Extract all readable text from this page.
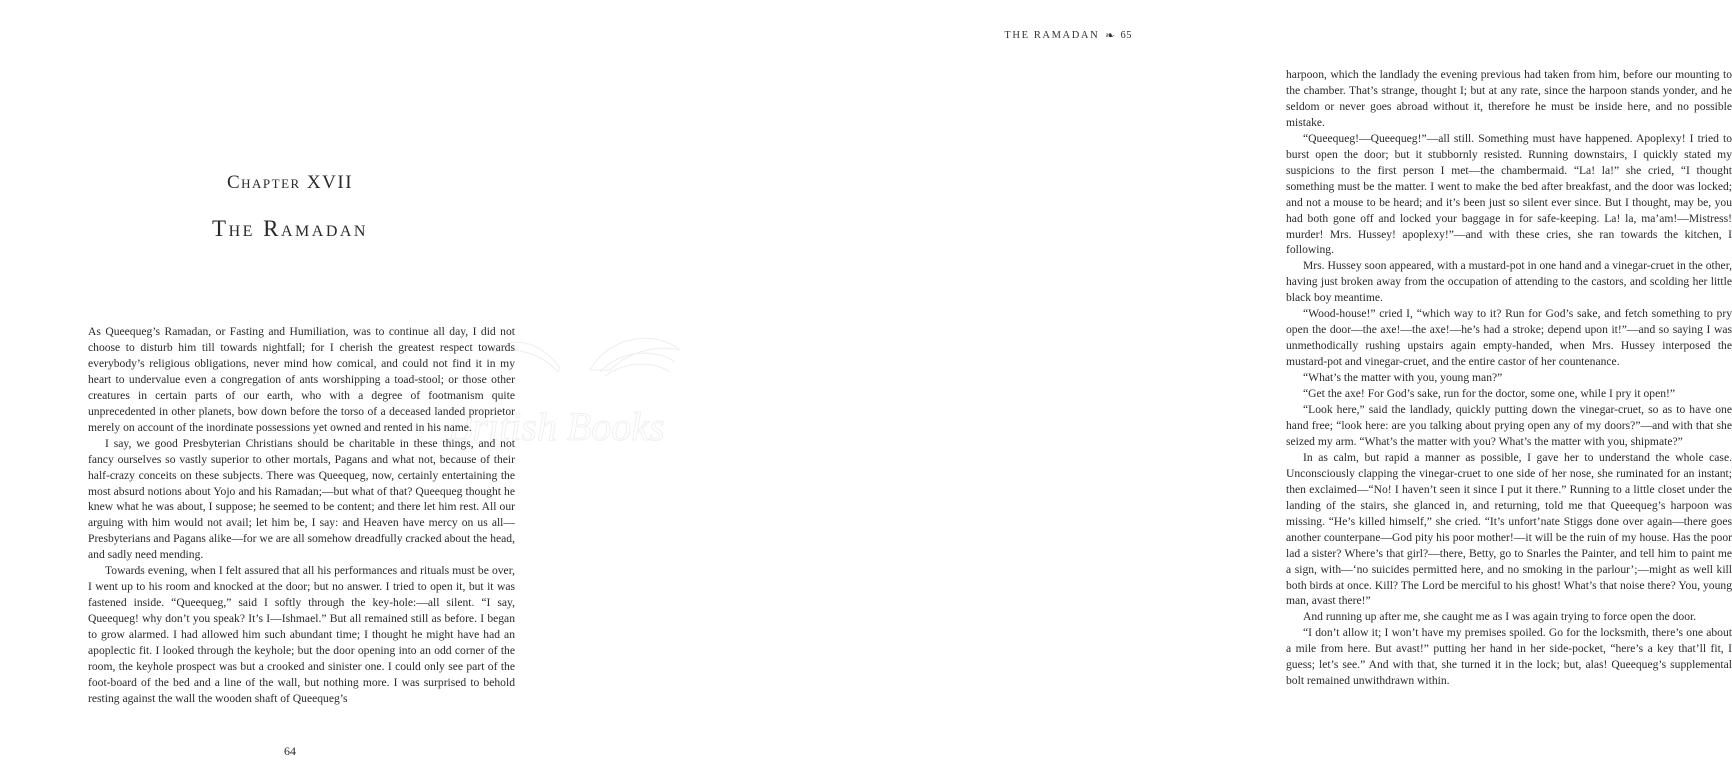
Chapter XVII
The Ramadan

As Queequeg’s Ramadan, or Fasting and Humiliation, was to continue all day, I did not choose to disturb him till towards nightfall; for I cherish the greatest respect towards everybody’s religious obligations, never mind how comical, and could not find it in my heart to undervalue even a congregation of ants worshipping a toad-stool; or those other creatures in certain parts of our earth, who with a degree of footmanism quite unprecedented in other planets, bow down before the torso of a deceased landed proprietor merely on account of the inordinate possessions yet owned and rented in his name.

I say, we good Presbyterian Christians should be charitable in these things, and not fancy ourselves so vastly superior to other mortals, Pagans and what not, because of their half-crazy conceits on these subjects. There was Queequeg, now, certainly entertaining the most absurd notions about Yojo and his Ramadan;—but what of that? Queequeg thought he knew what he was about, I suppose; he seemed to be content; and there let him rest. All our arguing with him would not avail; let him be, I say: and Heaven have mercy on us all—Presbyterians and Pagans alike—for we are all somehow dreadfully cracked about the head, and sadly need mending.

Towards evening, when I felt assured that all his performances and rituals must be over, I went up to his room and knocked at the door; but no answer. I tried to open it, but it was fastened inside. “Queequeg,” said I softly through the key-hole:—all silent. “I say, Queequeg! why don’t you speak? It’s I—Ishmael.” But all remained still as before. I began to grow alarmed. I had allowed him such abundant time; I thought he might have had an apoplectic fit. I looked through the keyhole; but the door opening into an odd corner of the room, the keyhole prospect was but a crooked and sinister one. I could only see part of the foot-board of the bed and a line of the wall, but nothing more. I was surprised to behold resting against the wall the wooden shaft of Queequeg’s

64
THE RAMADAN ❧ 65

harpoon, which the landlady the evening previous had taken from him, before our mounting to the chamber. That’s strange, thought I; but at any rate, since the harpoon stands yonder, and he seldom or never goes abroad without it, therefore he must be inside here, and no possible mistake.

“Queequeg!—Queequeg!”—all still. Something must have happened. Apoplexy! I tried to burst open the door; but it stubbornly resisted. Running downstairs, I quickly stated my suspicions to the first person I met—the chambermaid. “La! la!” she cried, “I thought something must be the matter. I went to make the bed after breakfast, and the door was locked; and not a mouse to be heard; and it’s been just so silent ever since. But I thought, may be, you had both gone off and locked your baggage in for safe-keeping. La! la, ma’am!—Mistress! murder! Mrs. Hussey! apoplexy!”—and with these cries, she ran towards the kitchen, I following.

Mrs. Hussey soon appeared, with a mustard-pot in one hand and a vinegar-cruet in the other, having just broken away from the occupation of attending to the castors, and scolding her little black boy meantime.

“Wood-house!” cried I, “which way to it? Run for God’s sake, and fetch something to pry open the door—the axe!—the axe!—he’s had a stroke; depend upon it!”—and so saying I was unmethodically rushing upstairs again empty-handed, when Mrs. Hussey interposed the mustard-pot and vinegar-cruet, and the entire castor of her countenance.

“What’s the matter with you, young man?”

“Get the axe! For God’s sake, run for the doctor, some one, while I pry it open!”

“Look here,” said the landlady, quickly putting down the vinegar-cruet, so as to have one hand free; “look here: are you talking about prying open any of my doors?”—and with that she seized my arm. “What’s the matter with you? What’s the matter with you, shipmate?”

In as calm, but rapid a manner as possible, I gave her to understand the whole case. Unconsciously clapping the vinegar-cruet to one side of her nose, she ruminated for an instant; then exclaimed—“No! I haven’t seen it since I put it there.” Running to a little closet under the landing of the stairs, she glanced in, and returning, told me that Queequeg’s harpoon was missing. “He’s killed himself,” she cried. “It’s unfort’nate Stiggs done over again—there goes another counterpane—God pity his poor mother!—it will be the ruin of my house. Has the poor lad a sister? Where’s that girl?—there, Betty, go to Snarles the Painter, and tell him to paint me a sign, with—‘no suicides permitted here, and no smoking in the parlour’;—might as well kill both birds at once. Kill? The Lord be merciful to his ghost! What’s that noise there? You, young man, avast there!”

And running up after me, she caught me as I was again trying to force open the door.

“I don’t allow it; I won’t have my premises spoiled. Go for the locksmith, there’s one about a mile from here. But avast!” putting her hand in her side-pocket, “here’s a key that’ll fit, I guess; let’s see.” And with that, she turned it in the lock; but, alas! Queequeg’s supplemental bolt remained unwithdrawn within.

British Books
